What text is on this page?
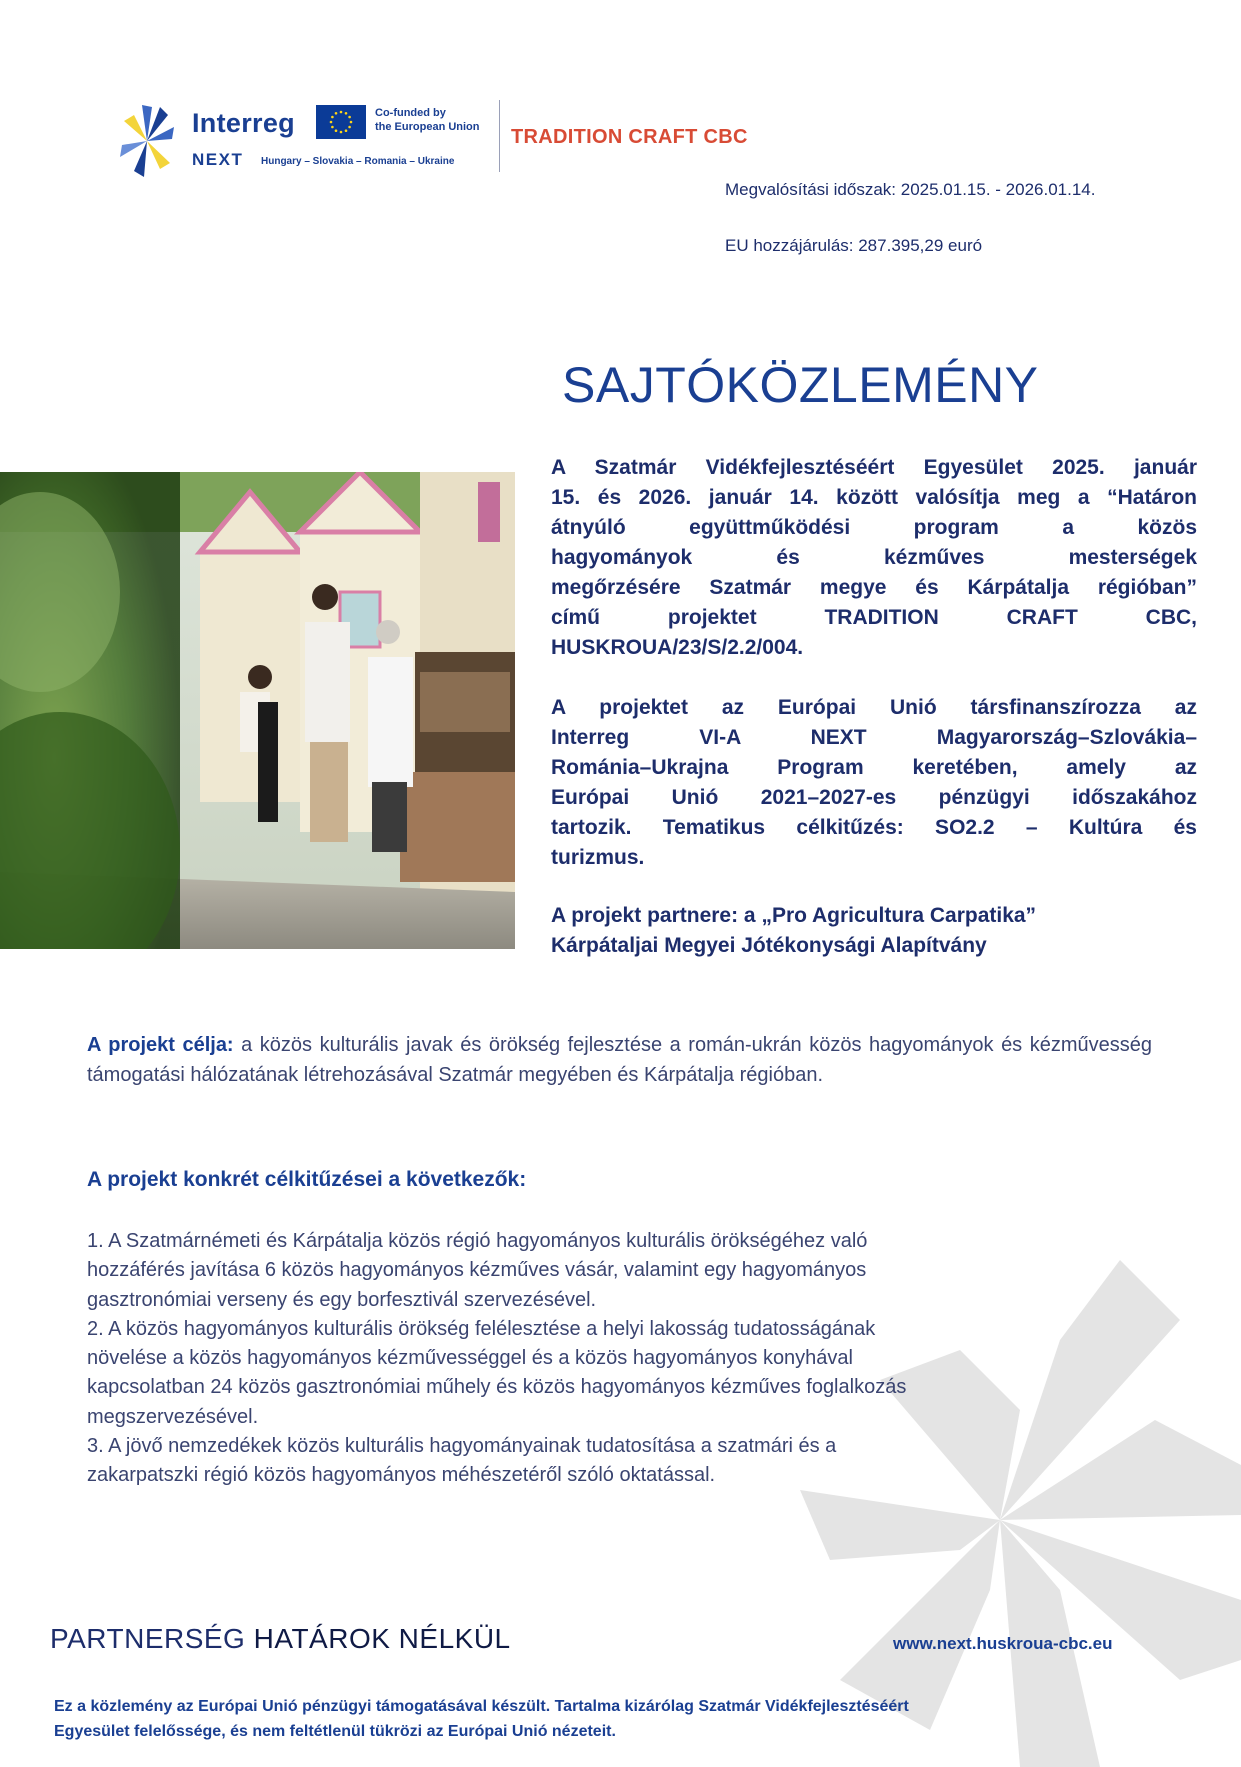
Interreg
NEXT Hungary – Slovakia – Romania – Ukraine
Co-funded by
the European Union	TRADITION CRAFT CBC
Megvalósítási időszak: 2025.01.15. - 2026.01.14.
EU hozzájárulás: 287.395,29 euró
SAJTÓKÖZLEMÉNY
A Szatmár Vidékfejlesztéséért Egyesület 2025. január
15. és 2026. január 14. között valósítja meg a “Határon
átnyúló együttműködési program a közös
hagyományok és kézműves mesterségek
megőrzésére Szatmár megye és Kárpátalja régióban”
című projektet TRADITION CRAFT CBC,
HUSKROUA/23/S/2.2/004.
A projektet az Európai Unió társfinanszírozza az
Interreg VI-A NEXT Magyarország–Szlovákia–
Románia–Ukrajna Program keretében, amely az
Európai Unió 2021–2027-es pénzügyi időszakához
tartozik. Tematikus célkitűzés: SO2.2 – Kultúra és
turizmus.
A projekt partnere: a „Pro Agricultura Carpatika”
Kárpátaljai Megyei Jótékonysági Alapítvány
A projekt célja: a közös kulturális javak és örökség fejlesztése a román-ukrán közös hagyományok és kézművesség támogatási hálózatának létrehozásával Szatmár megyében és Kárpátalja régióban.
A projekt konkrét célkitűzései a következők:
1. A Szatmárnémeti és Kárpátalja közös régió hagyományos kulturális örökségéhez való
hozzáférés javítása 6 közös hagyományos kézműves vásár, valamint egy hagyományos
gasztronómiai verseny és egy borfesztivál szervezésével.
2. A közös hagyományos kulturális örökség felélesztése a helyi lakosság tudatosságának
növelése a közös hagyományos kézművességgel és a közös hagyományos konyhával
kapcsolatban 24 közös gasztronómiai műhely és közös hagyományos kézműves foglalkozás
megszervezésével.
3. A jövő nemzedékek közös kulturális hagyományainak tudatosítása a szatmári és a
zakarpatszki régió közös hagyományos méhészetéről szóló oktatással.
PARTNERSÉG HATÁROK NÉLKÜL	www.next.huskroua-cbc.eu
Ez a közlemény az Európai Unió pénzügyi támogatásával készült. Tartalma kizárólag Szatmár Vidékfejlesztéséért
Egyesület felelőssége, és nem feltétlenül tükrözi az Európai Unió nézeteit.
